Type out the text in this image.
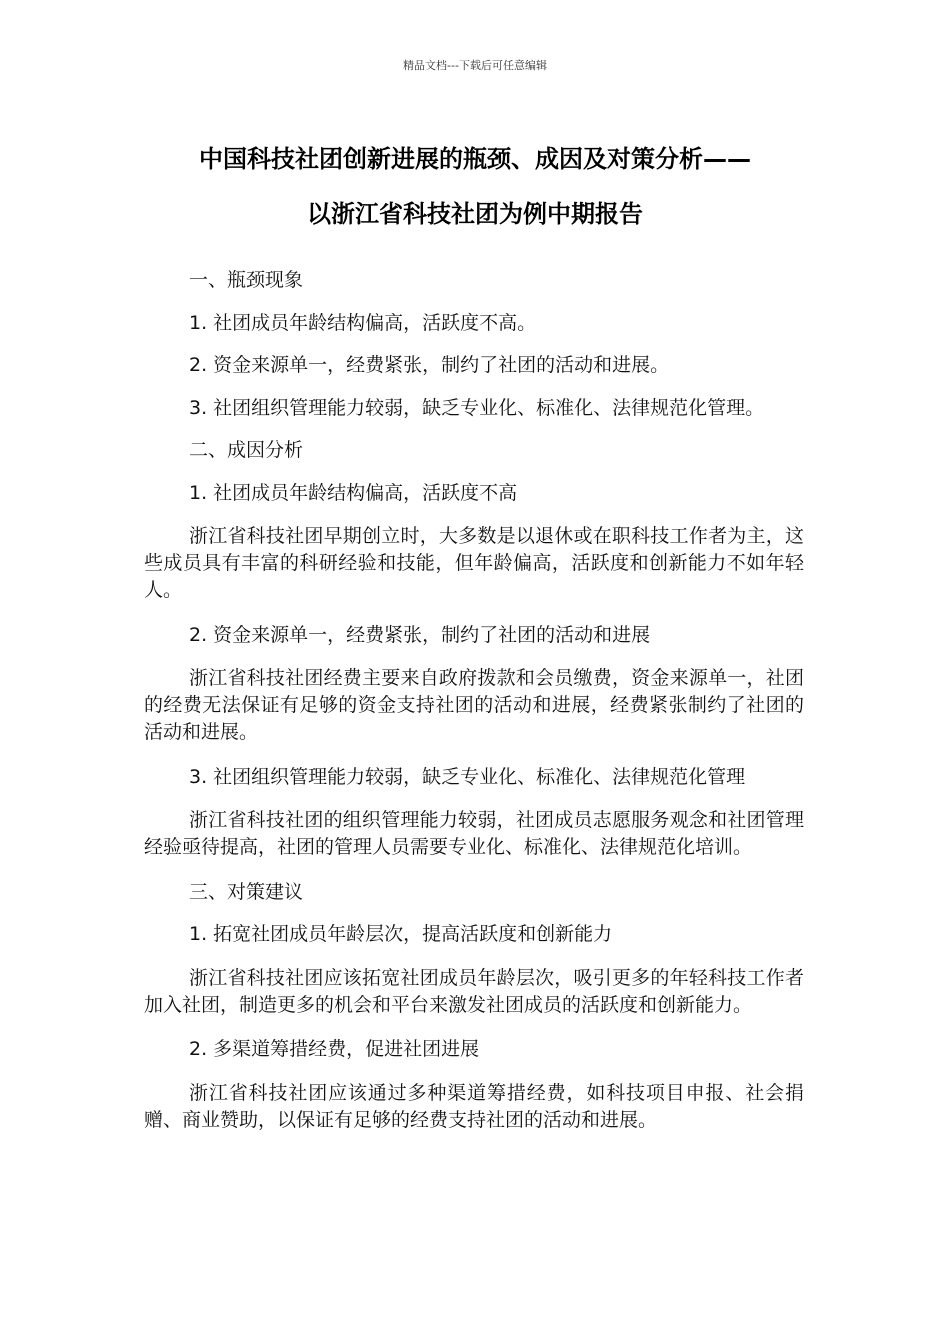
精品文档---下载后可任意编辑
中国科技社团创新进展的瓶颈、成因及对策分析——
以浙江省科技社团为例中期报告
一、瓶颈现象
1. 社团成员年龄结构偏高，活跃度不高。
2. 资金来源单一，经费紧张，制约了社团的活动和进展。
3. 社团组织管理能力较弱，缺乏专业化、标准化、法律规范化管理。
二、成因分析
1. 社团成员年龄结构偏高，活跃度不高

浙江省科技社团早期创立时，大多数是以退休或在职科技工作者为主，这些成员具有丰富的科研经验和技能，但年龄偏高，活跃度和创新能力不如年轻人。

2. 资金来源单一，经费紧张，制约了社团的活动和进展

浙江省科技社团经费主要来自政府拨款和会员缴费，资金来源单一，社团的经费无法保证有足够的资金支持社团的活动和进展，经费紧张制约了社团的活动和进展。

3. 社团组织管理能力较弱，缺乏专业化、标准化、法律规范化管理

浙江省科技社团的组织管理能力较弱，社团成员志愿服务观念和社团管理经验亟待提高，社团的管理人员需要专业化、标准化、法律规范化培训。

三、对策建议
1. 拓宽社团成员年龄层次，提高活跃度和创新能力

浙江省科技社团应该拓宽社团成员年龄层次，吸引更多的年轻科技工作者加入社团，制造更多的机会和平台来激发社团成员的活跃度和创新能力。

2. 多渠道筹措经费，促进社团进展

浙江省科技社团应该通过多种渠道筹措经费，如科技项目申报、社会捐赠、商业赞助，以保证有足够的经费支持社团的活动和进展。
